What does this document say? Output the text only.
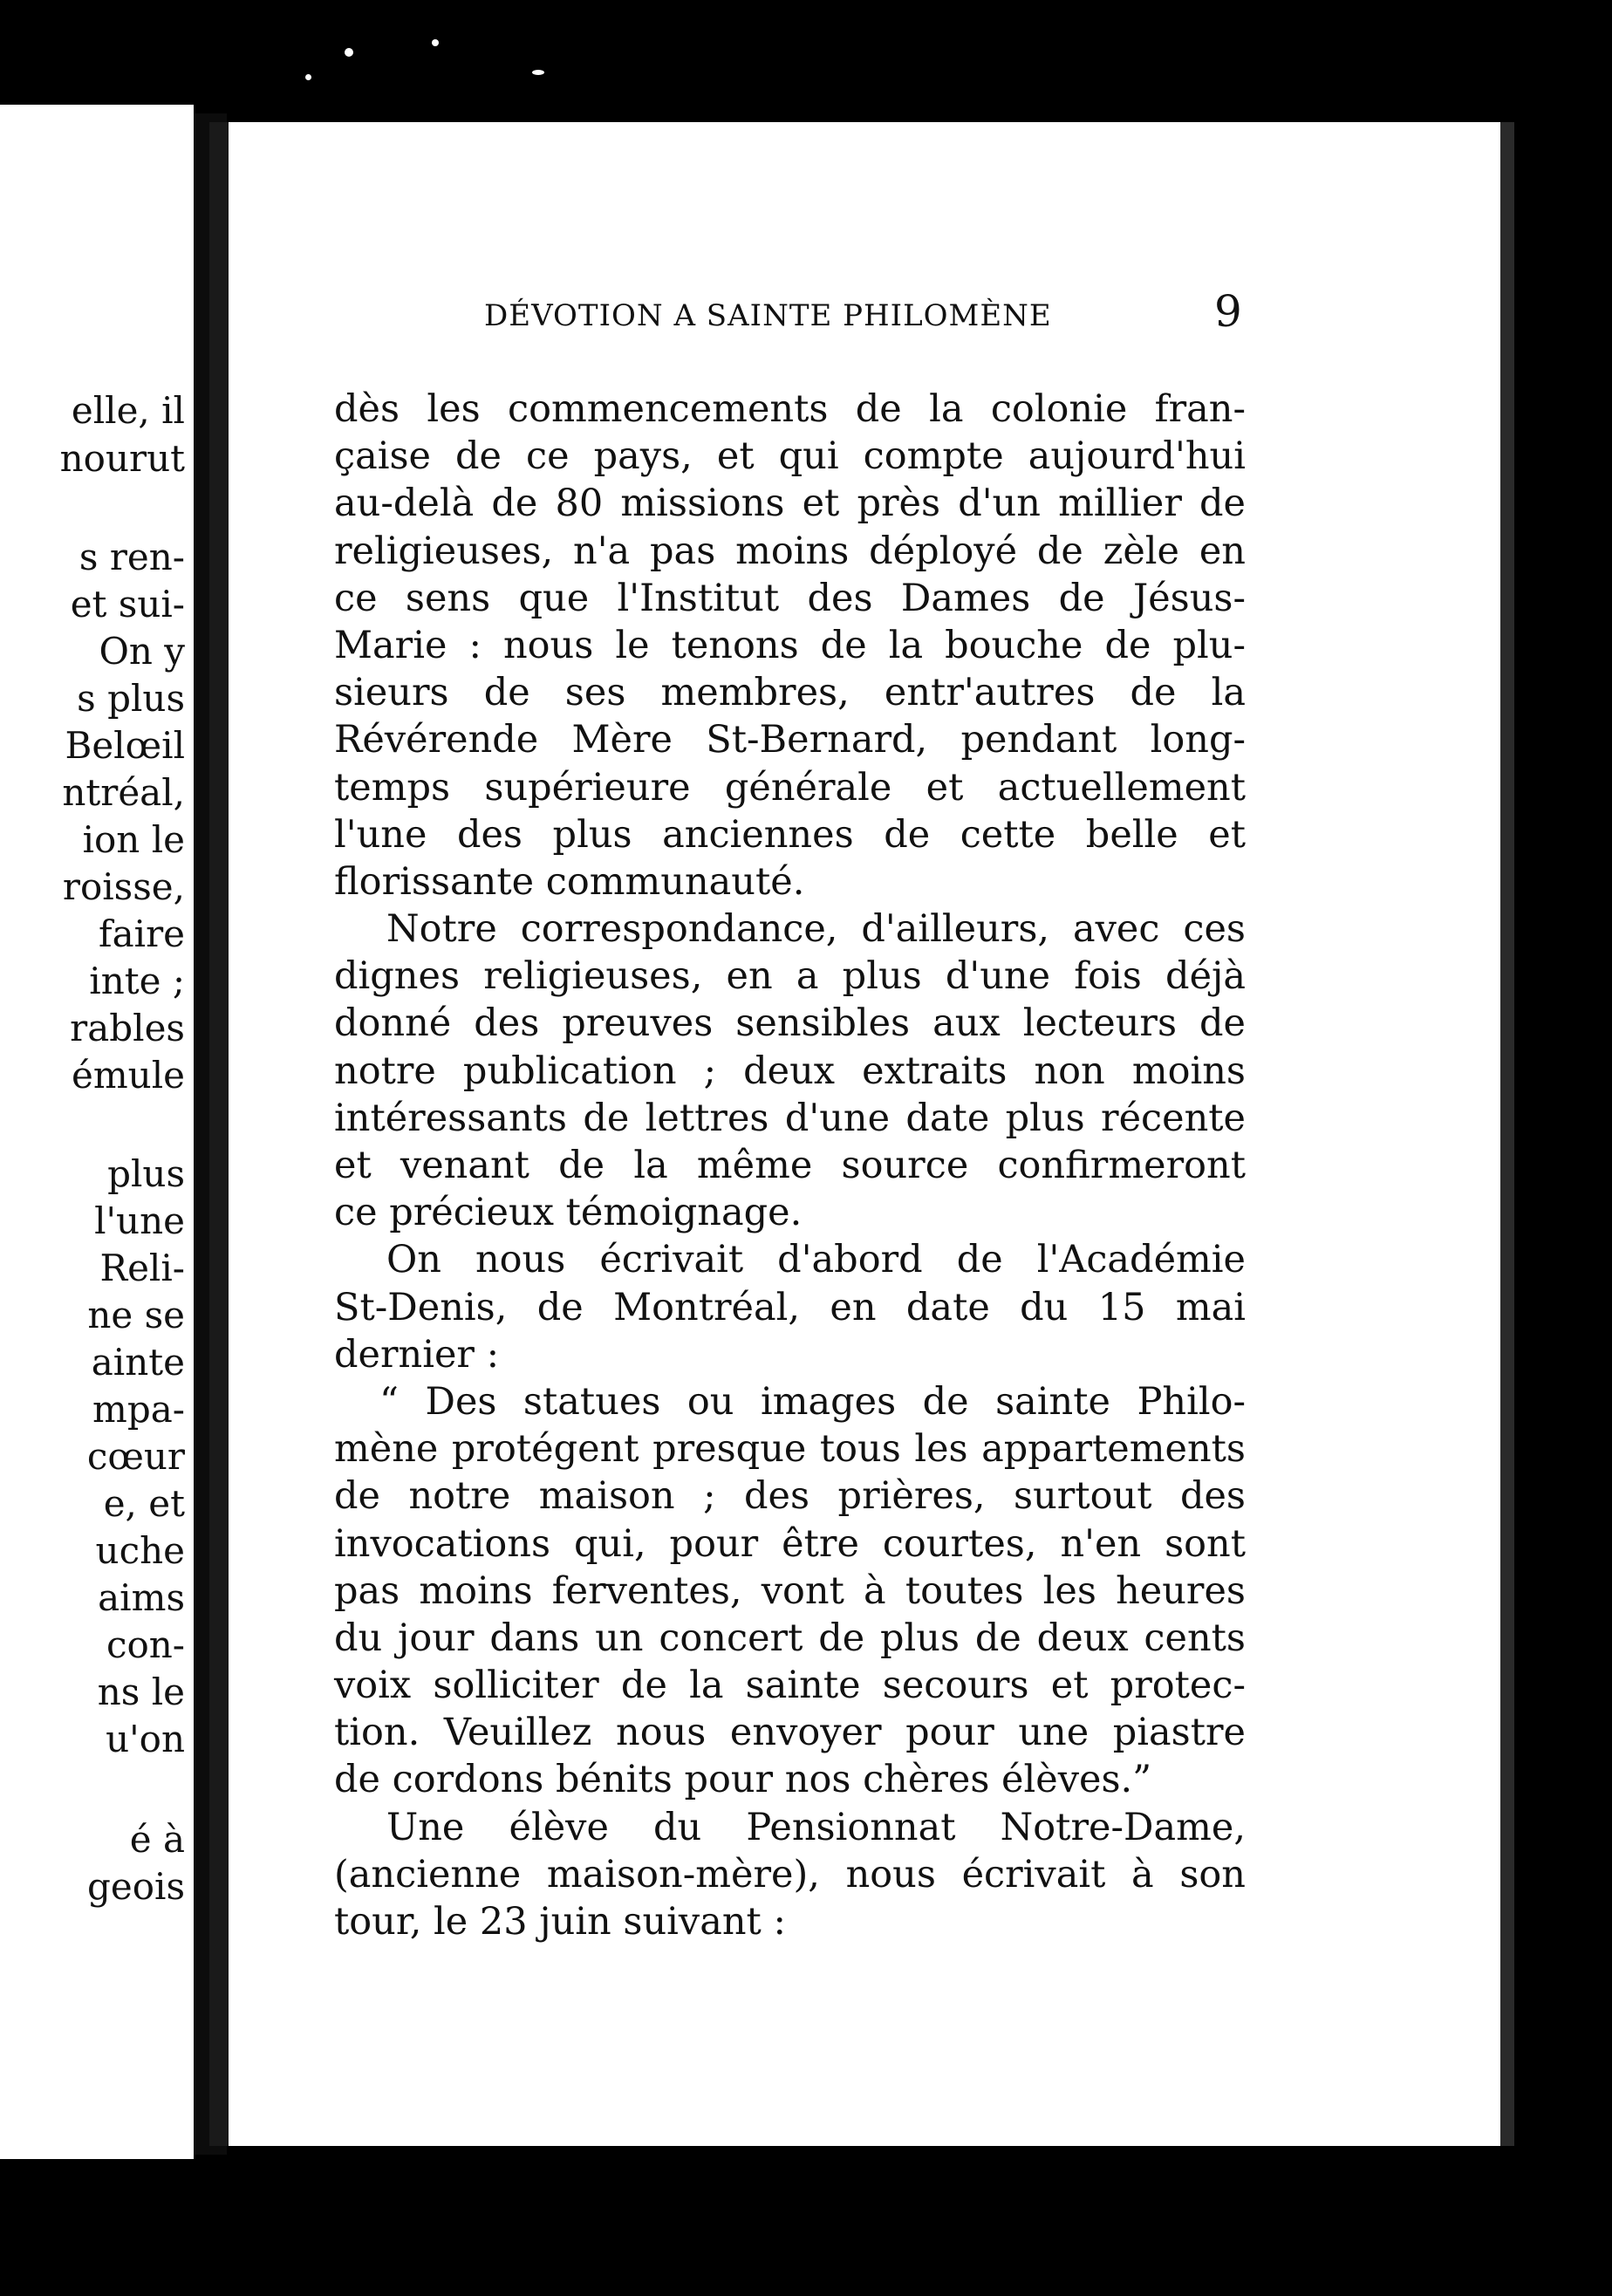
elle, il
nourut
s ren-
et sui-
On y
s plus
Belœil
ntréal,
ion le
roisse,
faire
inte ;
rables
émule
plus
l'une
Reli-
ne se
ainte
mpa-
cœur
e, et
uche
aims
con-
ns le
u'on
é à
geois
DÉVOTION A SAINTE PHILOMÈNE	9
dès les commencements de la colonie fran-
çaise de ce pays, et qui compte aujourd'hui
au-delà de 80 missions et près d'un millier de
religieuses, n'a pas moins déployé de zèle en
ce sens que l'Institut des Dames de Jésus-
Marie : nous le tenons de la bouche de plu-
sieurs de ses membres, entr'autres de la
Révérende Mère St-Bernard, pendant long-
temps supérieure générale et actuellement
l'une des plus anciennes de cette belle et
florissante communauté.
Notre correspondance, d'ailleurs, avec ces
dignes religieuses, en a plus d'une fois déjà
donné des preuves sensibles aux lecteurs de
notre publication ; deux extraits non moins
intéressants de lettres d'une date plus récente
et venant de la même source confirmeront
ce précieux témoignage.
On nous écrivait d'abord de l'Académie
St-Denis, de Montréal, en date du 15 mai
dernier :
“ Des statues ou images de sainte Philo-
mène protégent presque tous les appartements
de notre maison ; des prières, surtout des
invocations qui, pour être courtes, n'en sont
pas moins ferventes, vont à toutes les heures
du jour dans un concert de plus de deux cents
voix solliciter de la sainte secours et protec-
tion. Veuillez nous envoyer pour une piastre
de cordons bénits pour nos chères élèves.”
Une élève du Pensionnat Notre-Dame,
(ancienne maison-mère), nous écrivait à son
tour, le 23 juin suivant :
